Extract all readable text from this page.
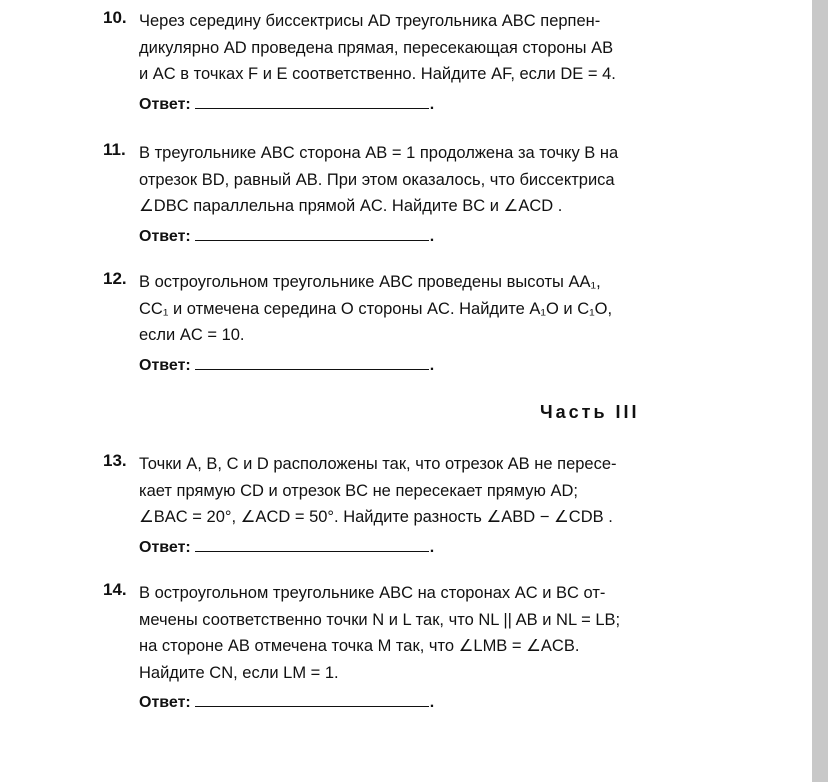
10. Через середину биссектрисы AD треугольника ABC перпен-
дикулярно AD проведена прямая, пересекающая стороны AB
и AC в точках F и E соответственно. Найдите AF, если DE = 4.
Ответ:	.
11. В треугольнике ABC сторона AB = 1 продолжена за точку B на
отрезок BD, равный AB. При этом оказалось, что биссектриса
∠DBC параллельна прямой AC. Найдите BC и ∠ACD .
Ответ:	.
12. В остроугольном треугольнике ABC проведены высоты AA₁,
CC₁ и отмечена середина O стороны AC. Найдите A₁O и C₁O,
если AC = 10.
Ответ:	.
Часть III
13. Точки A, B, C и D расположены так, что отрезок AB не пересе-
кает прямую CD и отрезок BC не пересекает прямую AD;
∠BAC = 20°, ∠ACD = 50°. Найдите разность ∠ABD − ∠CDB .
Ответ:	.
14. В остроугольном треугольнике ABC на сторонах AC и BC от-
мечены соответственно точки N и L так, что NL || AB и NL = LB;
на стороне AB отмечена точка M так, что ∠LMB = ∠ACB.
Найдите CN, если LM = 1.
Ответ:	.
